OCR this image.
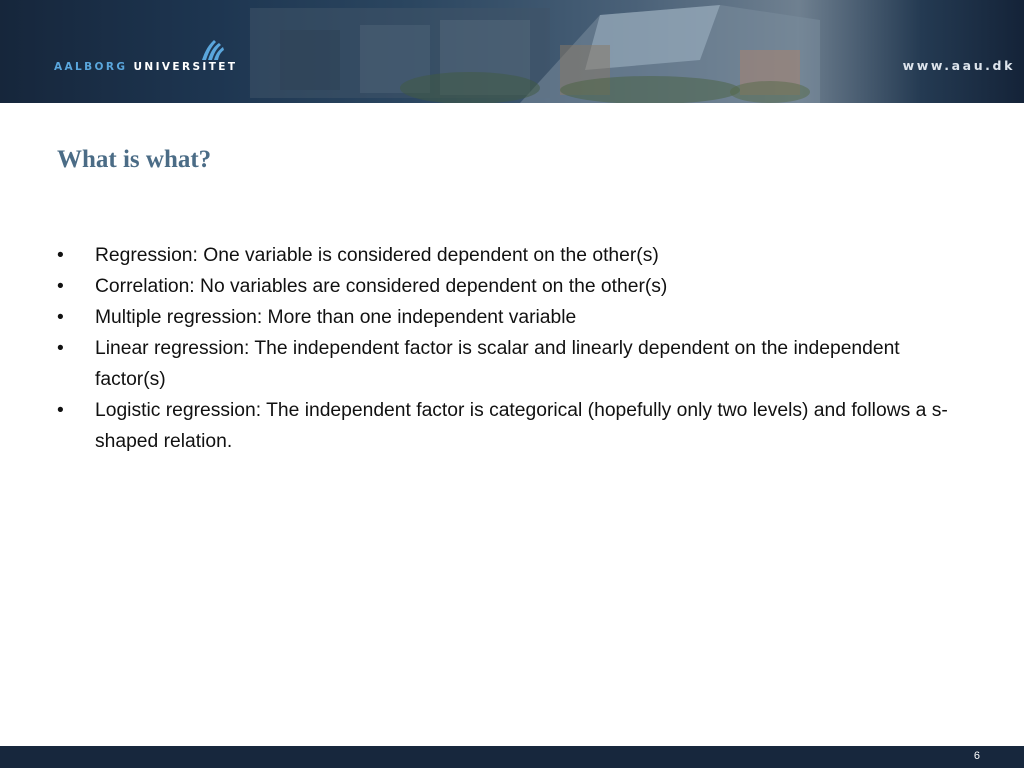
AALBORG UNIVERSITET	www.aau.dk
What is what?
• Regression: One variable is considered dependent on the other(s)
• Correlation: No variables are considered dependent on the other(s)
• Multiple regression: More than one independent variable
• Linear regression: The independent factor is scalar and linearly dependent on the independent factor(s)
• Logistic regression: The independent factor is categorical (hopefully only two levels) and follows a s-shaped relation.
6
